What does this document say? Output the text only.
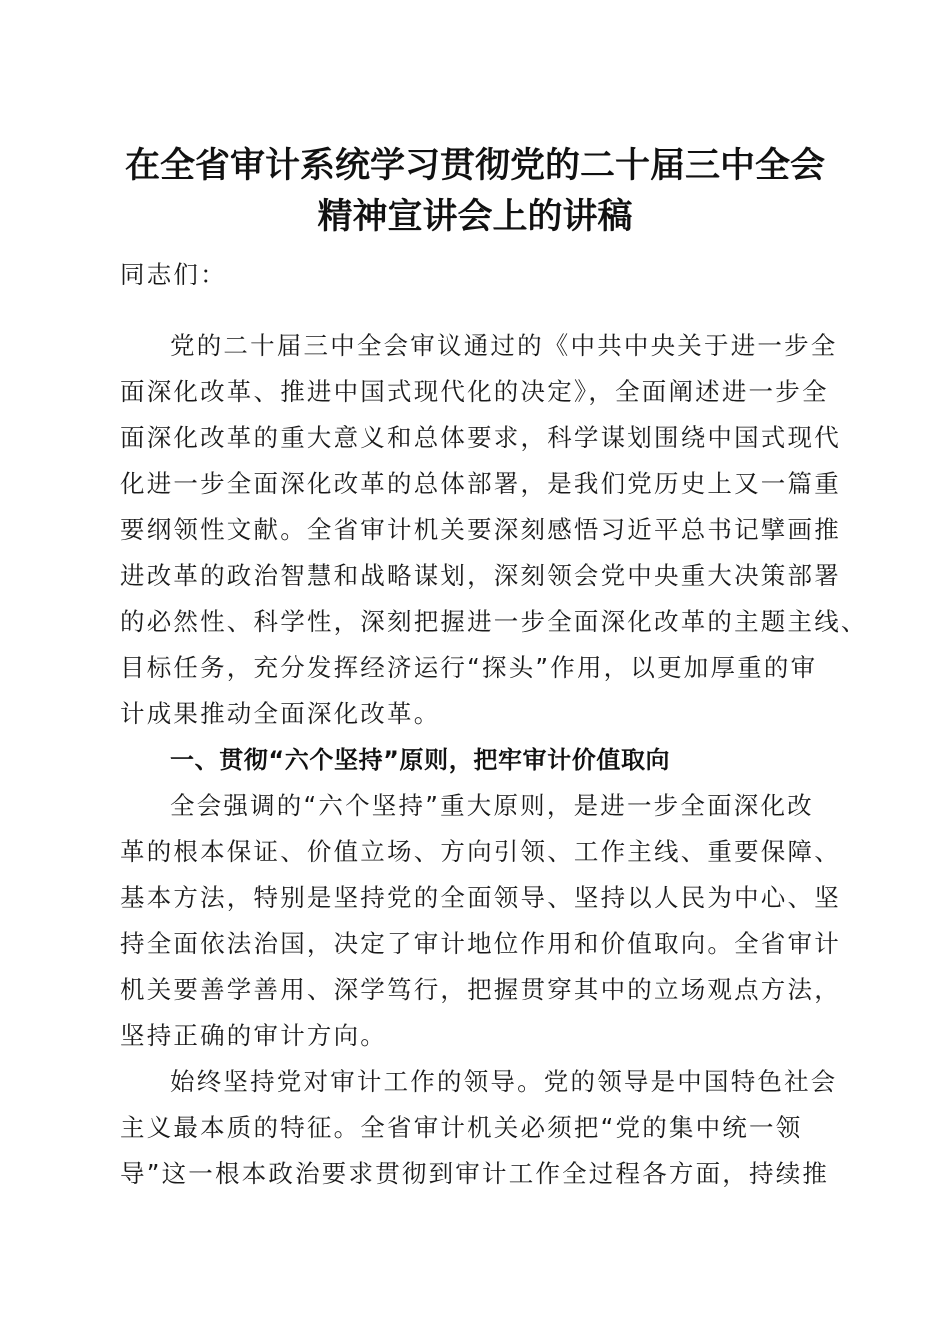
在全省审计系统学习贯彻党的二十届三中全会
精神宣讲会上的讲稿

同志们：

党的二十届三中全会审议通过的《中共中央关于进一步全

面深化改革、推进中国式现代化的决定》，全面阐述进一步全

面深化改革的重大意义和总体要求，科学谋划围绕中国式现代

化进一步全面深化改革的总体部署，是我们党历史上又一篇重

要纲领性文献。全省审计机关要深刻感悟习近平总书记擘画推

进改革的政治智慧和战略谋划，深刻领会党中央重大决策部署

的必然性、科学性，深刻把握进一步全面深化改革的主题主线、

目标任务，充分发挥经济运行“探头”作用，以更加厚重的审

计成果推动全面深化改革。

一、贯彻“六个坚持”原则，把牢审计价值取向

全会强调的“六个坚持”重大原则，是进一步全面深化改

革的根本保证、价值立场、方向引领、工作主线、重要保障、

基本方法，特别是坚持党的全面领导、坚持以人民为中心、坚

持全面依法治国，决定了审计地位作用和价值取向。全省审计

机关要善学善用、深学笃行，把握贯穿其中的立场观点方法，

坚持正确的审计方向。

始终坚持党对审计工作的领导。党的领导是中国特色社会

主义最本质的特征。全省审计机关必须把“党的集中统一领

导”这一根本政治要求贯彻到审计工作全过程各方面，持续推
